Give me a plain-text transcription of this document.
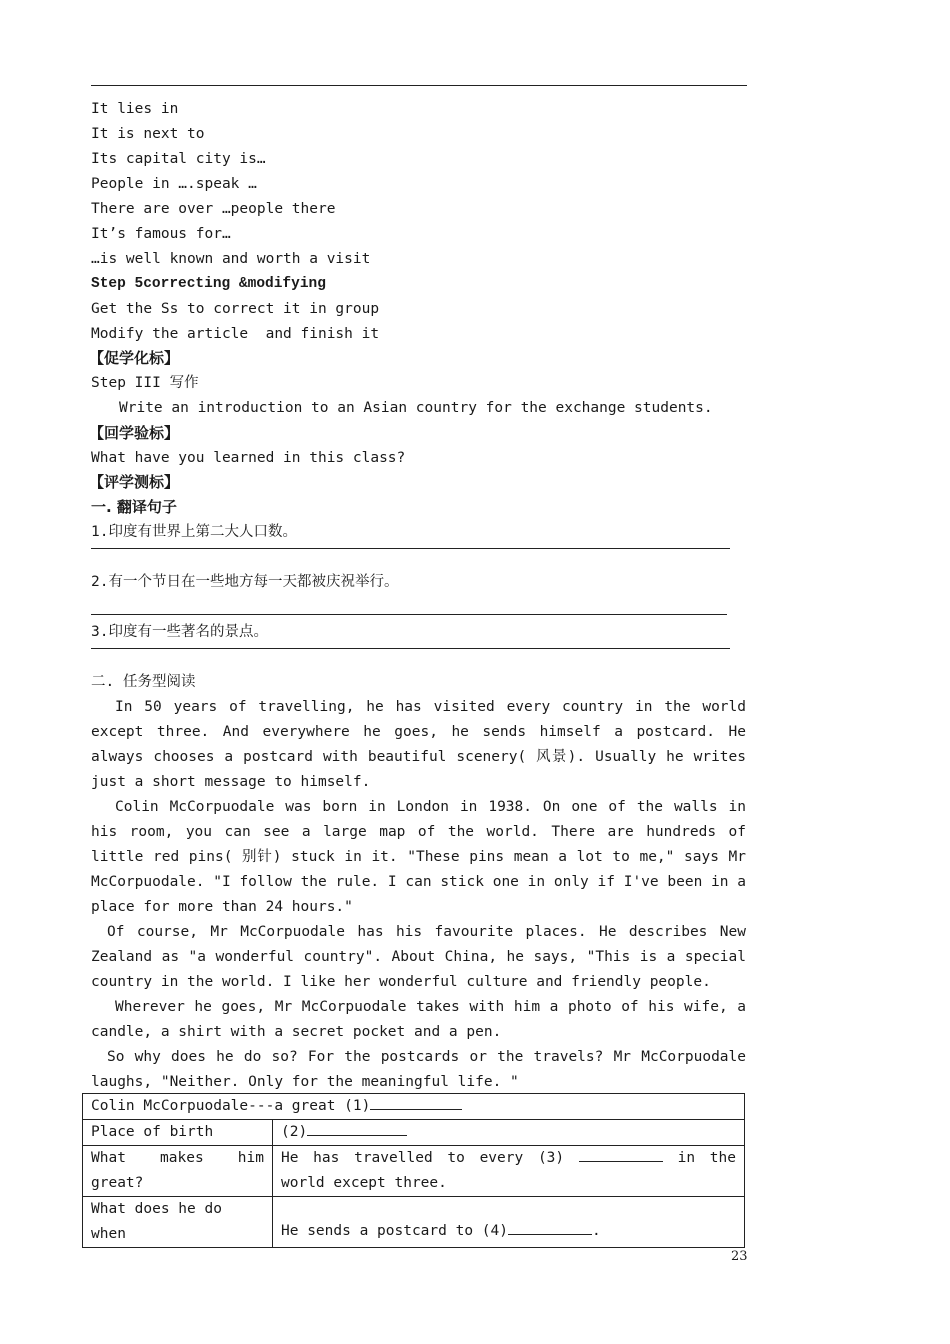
It lies in
It is next to
Its capital city is…
People in ….speak …
There are over …people there
It’s famous for…
…is well known and worth a visit
Step 5correcting &modifying
Get the Ss to correct it in group
Modify the article  and finish it
【促学化标】
Step III 写作
Write an introduction to an Asian country for the exchange students.
【回学验标】
What have you learned in this class?
【评学测标】
一. 翻译句子
1.印度有世界上第二大人口数。
2.有一个节日在一些地方每一天都被庆祝举行。
3.印度有一些著名的景点。
二. 任务型阅读

In 50 years of travelling, he has visited every country in the world except three. And everywhere he goes, he sends himself a postcard. He always chooses a postcard with beautiful scenery( 风景). Usually he writes just a short message to himself.

Colin McCorpuodale was born in London in 1938. On one of the walls in his room, you can see a large map of the world. There are hundreds of little red pins( 别针) stuck in it. "These pins mean a lot to me," says Mr McCorpuodale. "I follow the rule. I can stick one in only if I've been in a place for more than 24 hours."

Of course, Mr McCorpuodale has his favourite places. He describes New Zealand as "a wonderful country". About China, he says, "This is a special country in the world. I like her wonderful culture and friendly people.

Wherever he goes, Mr McCorpuodale takes with him a photo of his wife, a candle, a shirt with a secret pocket and a pen.

So why does he do so? For the postcards or the travels? Mr McCorpuodale laughs, "Neither. Only for the meaningful life. "

Colin McCorpuodale---a great (1)	
Place of birth	(2)
What makes him great?	He has travelled to every (3) in the world except three.
What does he do when	He sends a postcard to (4) .
23
